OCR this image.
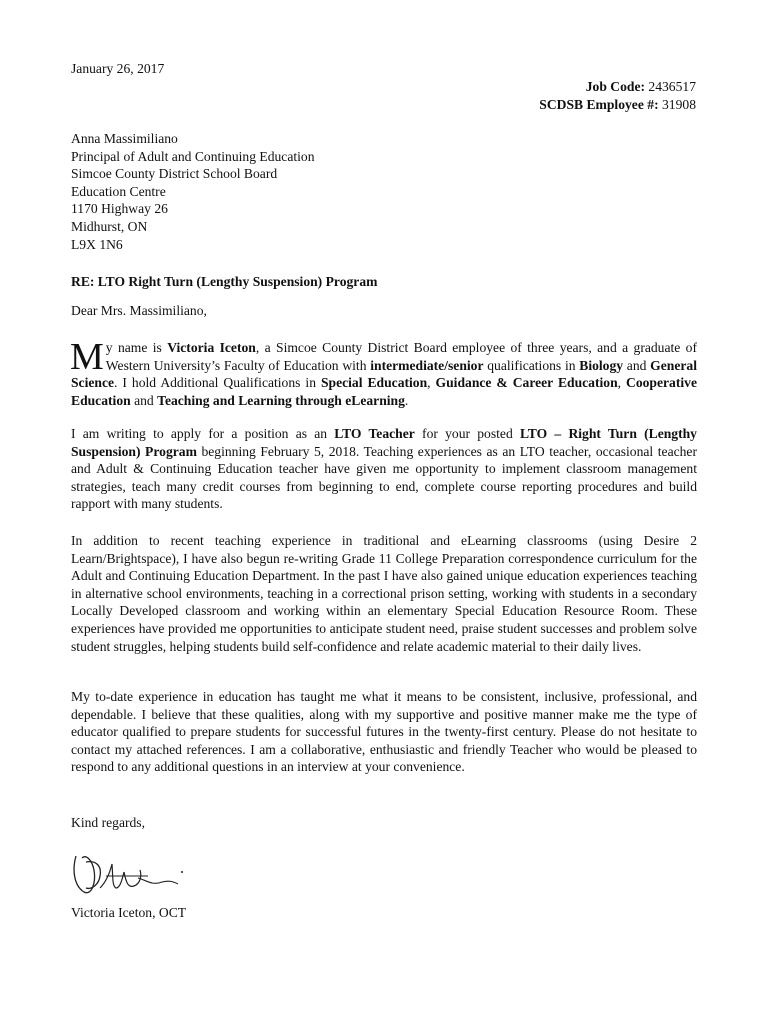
January 26, 2017
Job Code: 2436517
SCDSB Employee #: 31908
Anna Massimiliano
Principal of Adult and Continuing Education
Simcoe County District School Board
Education Centre
1170 Highway 26
Midhurst, ON
L9X 1N6
RE: LTO Right Turn (Lengthy Suspension) Program
Dear Mrs. Massimiliano,
My name is Victoria Iceton, a Simcoe County District Board employee of three years, and a graduate of Western University’s Faculty of Education with intermediate/senior qualifications in Biology and General Science. I hold Additional Qualifications in Special Education, Guidance & Career Education, Cooperative Education and Teaching and Learning through eLearning.
I am writing to apply for a position as an LTO Teacher for your posted LTO – Right Turn (Lengthy Suspension) Program beginning February 5, 2018. Teaching experiences as an LTO teacher, occasional teacher and Adult & Continuing Education teacher have given me opportunity to implement classroom management strategies, teach many credit courses from beginning to end, complete course reporting procedures and build rapport with many students.
In addition to recent teaching experience in traditional and eLearning classrooms (using Desire 2 Learn/Brightspace), I have also begun re-writing Grade 11 College Preparation correspondence curriculum for the Adult and Continuing Education Department. In the past I have also gained unique education experiences teaching in alternative school environments, teaching in a correctional prison setting, working with students in a secondary Locally Developed classroom and working within an elementary Special Education Resource Room. These experiences have provided me opportunities to anticipate student need, praise student successes and problem solve student struggles, helping students build self-confidence and relate academic material to their daily lives.
My to-date experience in education has taught me what it means to be consistent, inclusive, professional, and dependable. I believe that these qualities, along with my supportive and positive manner make me the type of educator qualified to prepare students for successful futures in the twenty-first century. Please do not hesitate to contact my attached references. I am a collaborative, enthusiastic and friendly Teacher who would be pleased to respond to any additional questions in an interview at your convenience.
Kind regards,
Victoria Iceton, OCT
